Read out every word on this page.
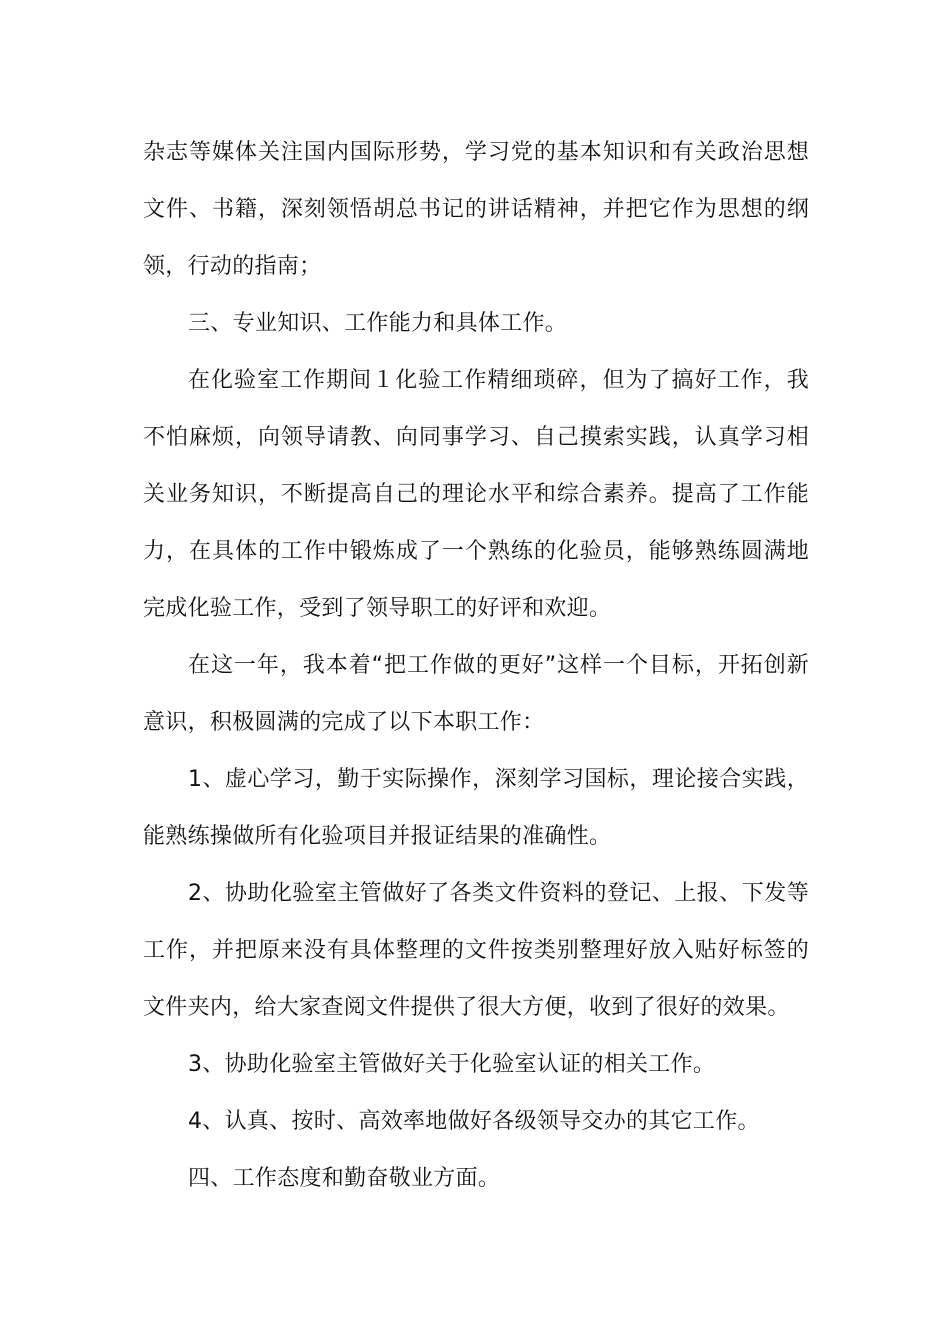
杂志等媒体关注国内国际形势，学习党的基本知识和有关政治思想文件、书籍，深刻领悟胡总书记的讲话精神，并把它作为思想的纲领，行动的指南；

三、专业知识、工作能力和具体工作。

在化验室工作期间１化验工作精细琐碎，但为了搞好工作，我不怕麻烦，向领导请教、向同事学习、自己摸索实践，认真学习相关业务知识，不断提高自己的理论水平和综合素养。提高了工作能力，在具体的工作中锻炼成了一个熟练的化验员，能够熟练圆满地完成化验工作，受到了领导职工的好评和欢迎。

在这一年，我本着“把工作做的更好”这样一个目标，开拓创新意识，积极圆满的完成了以下本职工作：

1、虚心学习，勤于实际操作，深刻学习国标，理论接合实践，能熟练操做所有化验项目并报证结果的准确性。

2、协助化验室主管做好了各类文件资料的登记、上报、下发等工作，并把原来没有具体整理的文件按类别整理好放入贴好标签的文件夹内，给大家查阅文件提供了很大方便，收到了很好的效果。

3、协助化验室主管做好关于化验室认证的相关工作。

4、认真、按时、高效率地做好各级领导交办的其它工作。

四、工作态度和勤奋敬业方面。
